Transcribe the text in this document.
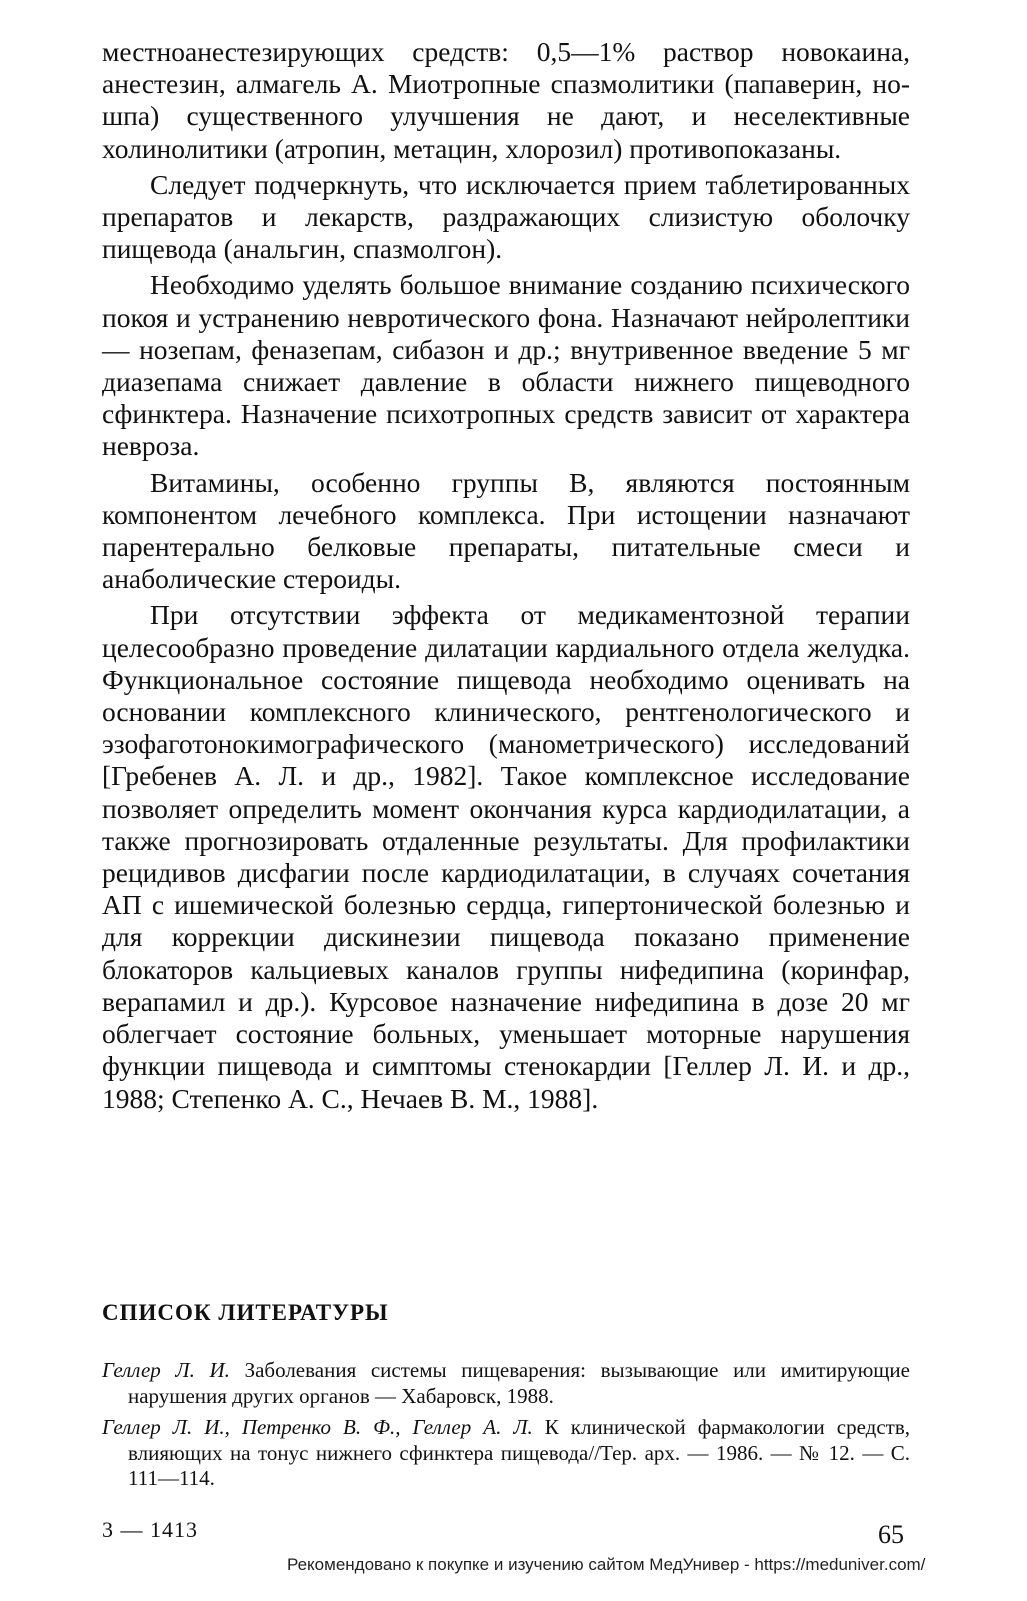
местноанестезирующих средств: 0,5—1% раствор новокаина, анестезин, алмагель А. Миотропные спазмолитики (папаверин, но-шпа) существенного улучшения не дают, и неселективные холинолитики (атропин, метацин, хлорозил) противопоказаны.

Следует подчеркнуть, что исключается прием таблетированных препаратов и лекарств, раздражающих слизистую оболочку пищевода (анальгин, спазмолгон).

Необходимо уделять большое внимание созданию психического покоя и устранению невротического фона. Назначают нейролептики — нозепам, феназепам, сибазон и др.; внутривенное введение 5 мг диазепама снижает давление в области нижнего пищеводного сфинктера. Назначение психотропных средств зависит от характера невроза.

Витамины, особенно группы В, являются постоянным компонентом лечебного комплекса. При истощении назначают парентерально белковые препараты, питательные смеси и анаболические стероиды.

При отсутствии эффекта от медикаментозной терапии целесообразно проведение дилатации кардиального отдела желудка. Функциональное состояние пищевода необходимо оценивать на основании комплексного клинического, рентгенологического и эзофаготонокимографического (манометрического) исследований [Гребенев А. Л. и др., 1982]. Такое комплексное исследование позволяет определить момент окончания курса кардиодилатации, а также прогнозировать отдаленные результаты. Для профилактики рецидивов дисфагии после кардиодилатации, в случаях сочетания АП с ишемической болезнью сердца, гипертонической болезнью и для коррекции дискинезии пищевода показано применение блокаторов кальциевых каналов группы нифедипина (коринфар, верапамил и др.). Курсовое назначение нифедипина в дозе 20 мг облегчает состояние больных, уменьшает моторные нарушения функции пищевода и симптомы стенокардии [Геллер Л. И. и др., 1988; Степенко А. С., Нечаев В. М., 1988].

СПИСОК ЛИТЕРАТУРЫ

Геллер Л. И. Заболевания системы пищеварения: вызывающие или имитирующие нарушения других органов — Хабаровск, 1988.

Геллер Л. И., Петренко В. Ф., Геллер А. Л. К клинической фармакологии средств, влияющих на тонус нижнего сфинктера пищевода//Тер. арх. — 1986. — № 12. — С. 111—114.

3 — 1413	65
Рекомендовано к покупке и изучению сайтом МедУнивер - https://meduniver.com/
